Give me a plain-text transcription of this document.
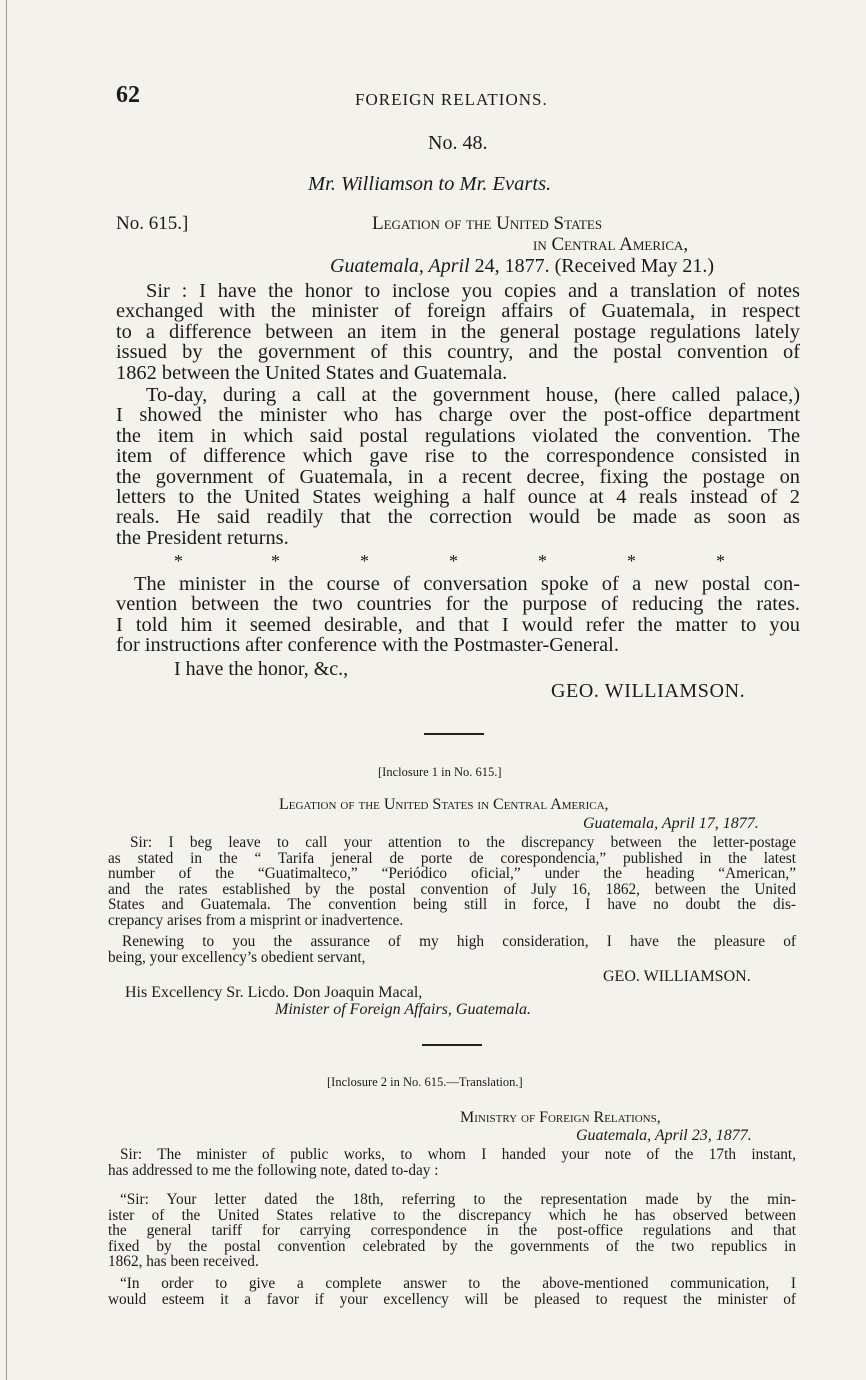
62	FOREIGN RELATIONS.
No. 48.
Mr. Williamson to Mr. Evarts.
No. 615.]	Legation of the United States
in Central America,
Guatemala, April 24, 1877. (Received May 21.)
Sir : I have the honor to inclose you copies and a translation of notes
exchanged with the minister of foreign affairs of Guatemala, in respect
to a difference between an item in the general postage regulations lately
issued by the government of this country, and the postal convention of
1862 between the United States and Guatemala.
To-day, during a call at the government house, (here called palace,)
I showed the minister who has charge over the post-office department
the item in which said postal regulations violated the convention. The
item of difference which gave rise to the correspondence consisted in
the government of Guatemala, in a recent decree, fixing the postage on
letters to the United States weighing a half ounce at 4 reals instead of 2
reals. He said readily that the correction would be made as soon as
the President returns.
*	*	*	*	*	*	*
The minister in the course of conversation spoke of a new postal con-
vention between the two countries for the purpose of reducing the rates.
I told him it seemed desirable, and that I would refer the matter to you
for instructions after conference with the Postmaster-General.
I have the honor, &c.,
GEO. WILLIAMSON.
[Inclosure 1 in No. 615.]
Legation of the United States in Central America,
Guatemala, April 17, 1877.
Sir: I beg leave to call your attention to the discrepancy between the letter-postage
as stated in the “ Tarifa jeneral de porte de corespondencia,” published in the latest
number of the “Guatimalteco,” “Periódico oficial,” under the heading “American,”
and the rates established by the postal convention of July 16, 1862, between the United
States and Guatemala. The convention being still in force, I have no doubt the dis-
crepancy arises from a misprint or inadvertence.
Renewing to you the assurance of my high consideration, I have the pleasure of
being, your excellency’s obedient servant,
GEO. WILLIAMSON.
His Excellency Sr. Licdo. Don Joaquin Macal,
Minister of Foreign Affairs, Guatemala.
[Inclosure 2 in No. 615.—Translation.]
Ministry of Foreign Relations,
Guatemala, April 23, 1877.
Sir: The minister of public works, to whom I handed your note of the 17th instant,
has addressed to me the following note, dated to-day :
“Sir: Your letter dated the 18th, referring to the representation made by the min-
ister of the United States relative to the discrepancy which he has observed between
the general tariff for carrying correspondence in the post-office regulations and that
fixed by the postal convention celebrated by the governments of the two republics in
1862, has been received.
“In order to give a complete answer to the above-mentioned communication, I
would esteem it a favor if your excellency will be pleased to request the minister of
